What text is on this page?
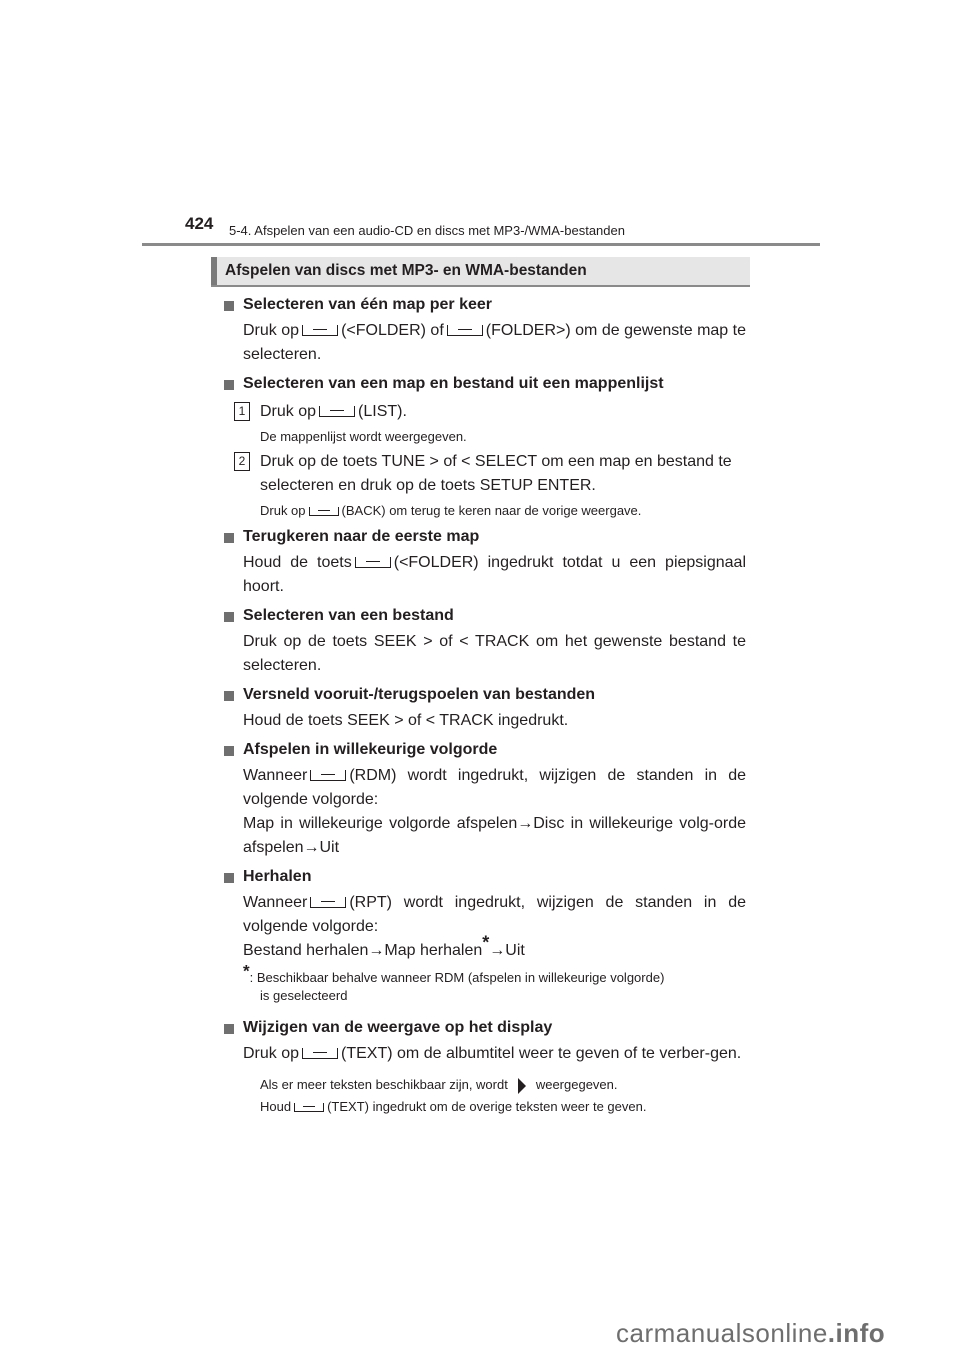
424 5-4. Afspelen van een audio-CD en discs met MP3-/WMA-bestanden
Afspelen van discs met MP3- en WMA-bestanden
Selecteren van één map per keer
Druk op	(<FOLDER) of	(FOLDER>) om de gewenste map te selecteren.
Selecteren van een map en bestand uit een mappenlijst
1 Druk op	(LIST).
De mappenlijst wordt weergegeven.
2 Druk op de toets TUNE > of < SELECT om een map en bestand te selecteren en druk op de toets SETUP ENTER.
Druk op	(BACK) om terug te keren naar de vorige weergave.
Terugkeren naar de eerste map
Houd de toets	(<FOLDER) ingedrukt totdat u een piepsignaal hoort.
Selecteren van een bestand
Druk op de toets SEEK > of < TRACK om het gewenste bestand te selecteren.
Versneld vooruit-/terugspoelen van bestanden
Houd de toets SEEK > of < TRACK ingedrukt.
Afspelen in willekeurige volgorde
Wanneer	(RDM) wordt ingedrukt, wijzigen de standen in de volgende volgorde:
Map in willekeurige volgorde afspelen→Disc in willekeurige volg-orde afspelen→Uit
Herhalen
Wanneer	(RPT) wordt ingedrukt, wijzigen de standen in de volgende volgorde:
Bestand herhalen→Map herhalen*→Uit
*: Beschikbaar behalve wanneer RDM (afspelen in willekeurige volgorde)
is geselecteerd
Wijzigen van de weergave op het display
Druk op	(TEXT) om de albumtitel weer te geven of te verber-gen.
Als er meer teksten beschikbaar zijn, wordt weergegeven.
Houd	(TEXT) ingedrukt om de overige teksten weer te geven.
carmanualsonline.info
